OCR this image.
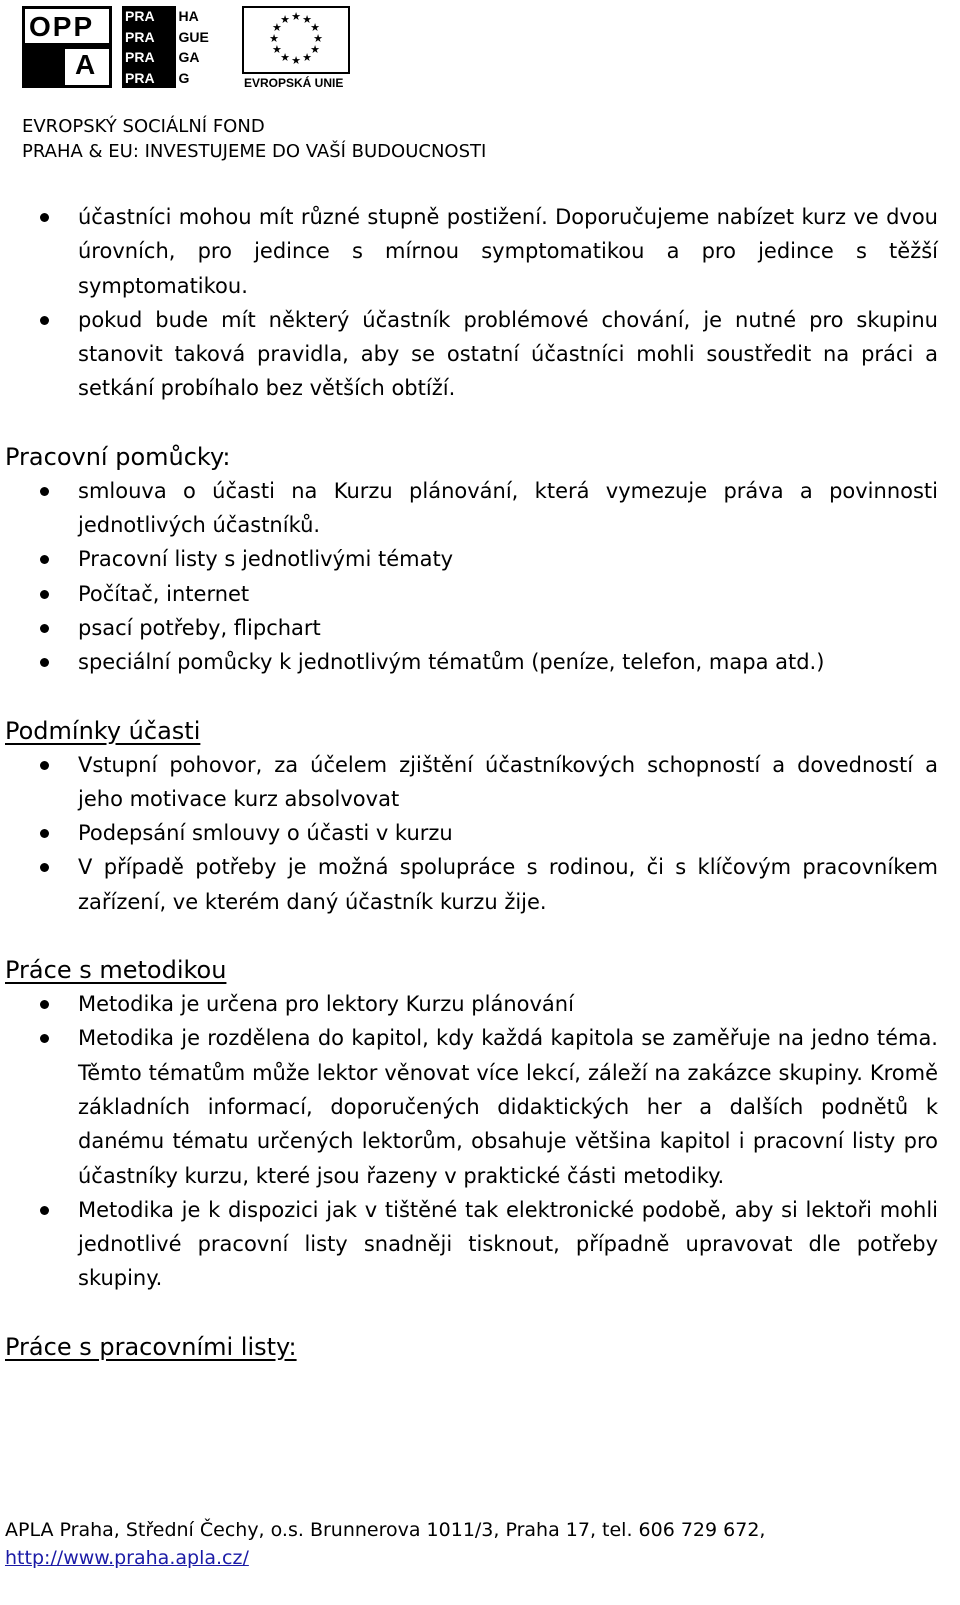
OPP
A
PRA	HA
PRA	GUE
PRA	GA
PRA	G
★ ★
★
★
★
★
★
★
★
★
★
★
EVROPSKÁ UNIE
EVROPSKÝ SOCIÁLNÍ FOND
PRAHA & EU: INVESTUJEME DO VAŠÍ BUDOUCNOSTI
účastníci mohou mít různé stupně postižení. Doporučujeme nabízet kurz ve dvou úrovních, pro jedince s mírnou symptomatikou a pro jedince s těžší symptomatikou.
pokud bude mít některý účastník problémové chování, je nutné pro skupinu stanovit taková pravidla, aby se ostatní účastníci mohli soustředit na práci a setkání probíhalo bez větších obtíží.
Pracovní pomůcky:
smlouva o účasti na Kurzu plánování, která vymezuje práva a povinnosti jednotlivých účastníků.
Pracovní listy s jednotlivými tématy
Počítač, internet
psací potřeby, flipchart
speciální pomůcky k jednotlivým tématům (peníze, telefon, mapa atd.)
Podmínky účasti
Vstupní pohovor, za účelem zjištění účastníkových schopností a dovedností a jeho motivace kurz absolvovat
Podepsání smlouvy o účasti v kurzu
V případě potřeby je možná spolupráce s rodinou, či s klíčovým pracovníkem zařízení, ve kterém daný účastník kurzu žije.
Práce s metodikou
Metodika je určena pro lektory Kurzu plánování
Metodika je rozdělena do kapitol, kdy každá kapitola se zaměřuje na jedno téma. Těmto tématům může lektor věnovat více lekcí, záleží na zakázce skupiny. Kromě základních informací, doporučených didaktických her a dalších podnětů k danému tématu určených lektorům, obsahuje většina kapitol i pracovní listy pro účastníky kurzu, které jsou řazeny v praktické části metodiky.
Metodika je k dispozici jak v tištěné tak elektronické podobě, aby si lektoři mohli jednotlivé pracovní listy snadněji tisknout, případně upravovat dle potřeby skupiny.
Práce s pracovními listy:
APLA Praha, Střední Čechy, o.s. Brunnerova 1011/3, Praha 17, tel. 606 729 672,
http://www.praha.apla.cz/
